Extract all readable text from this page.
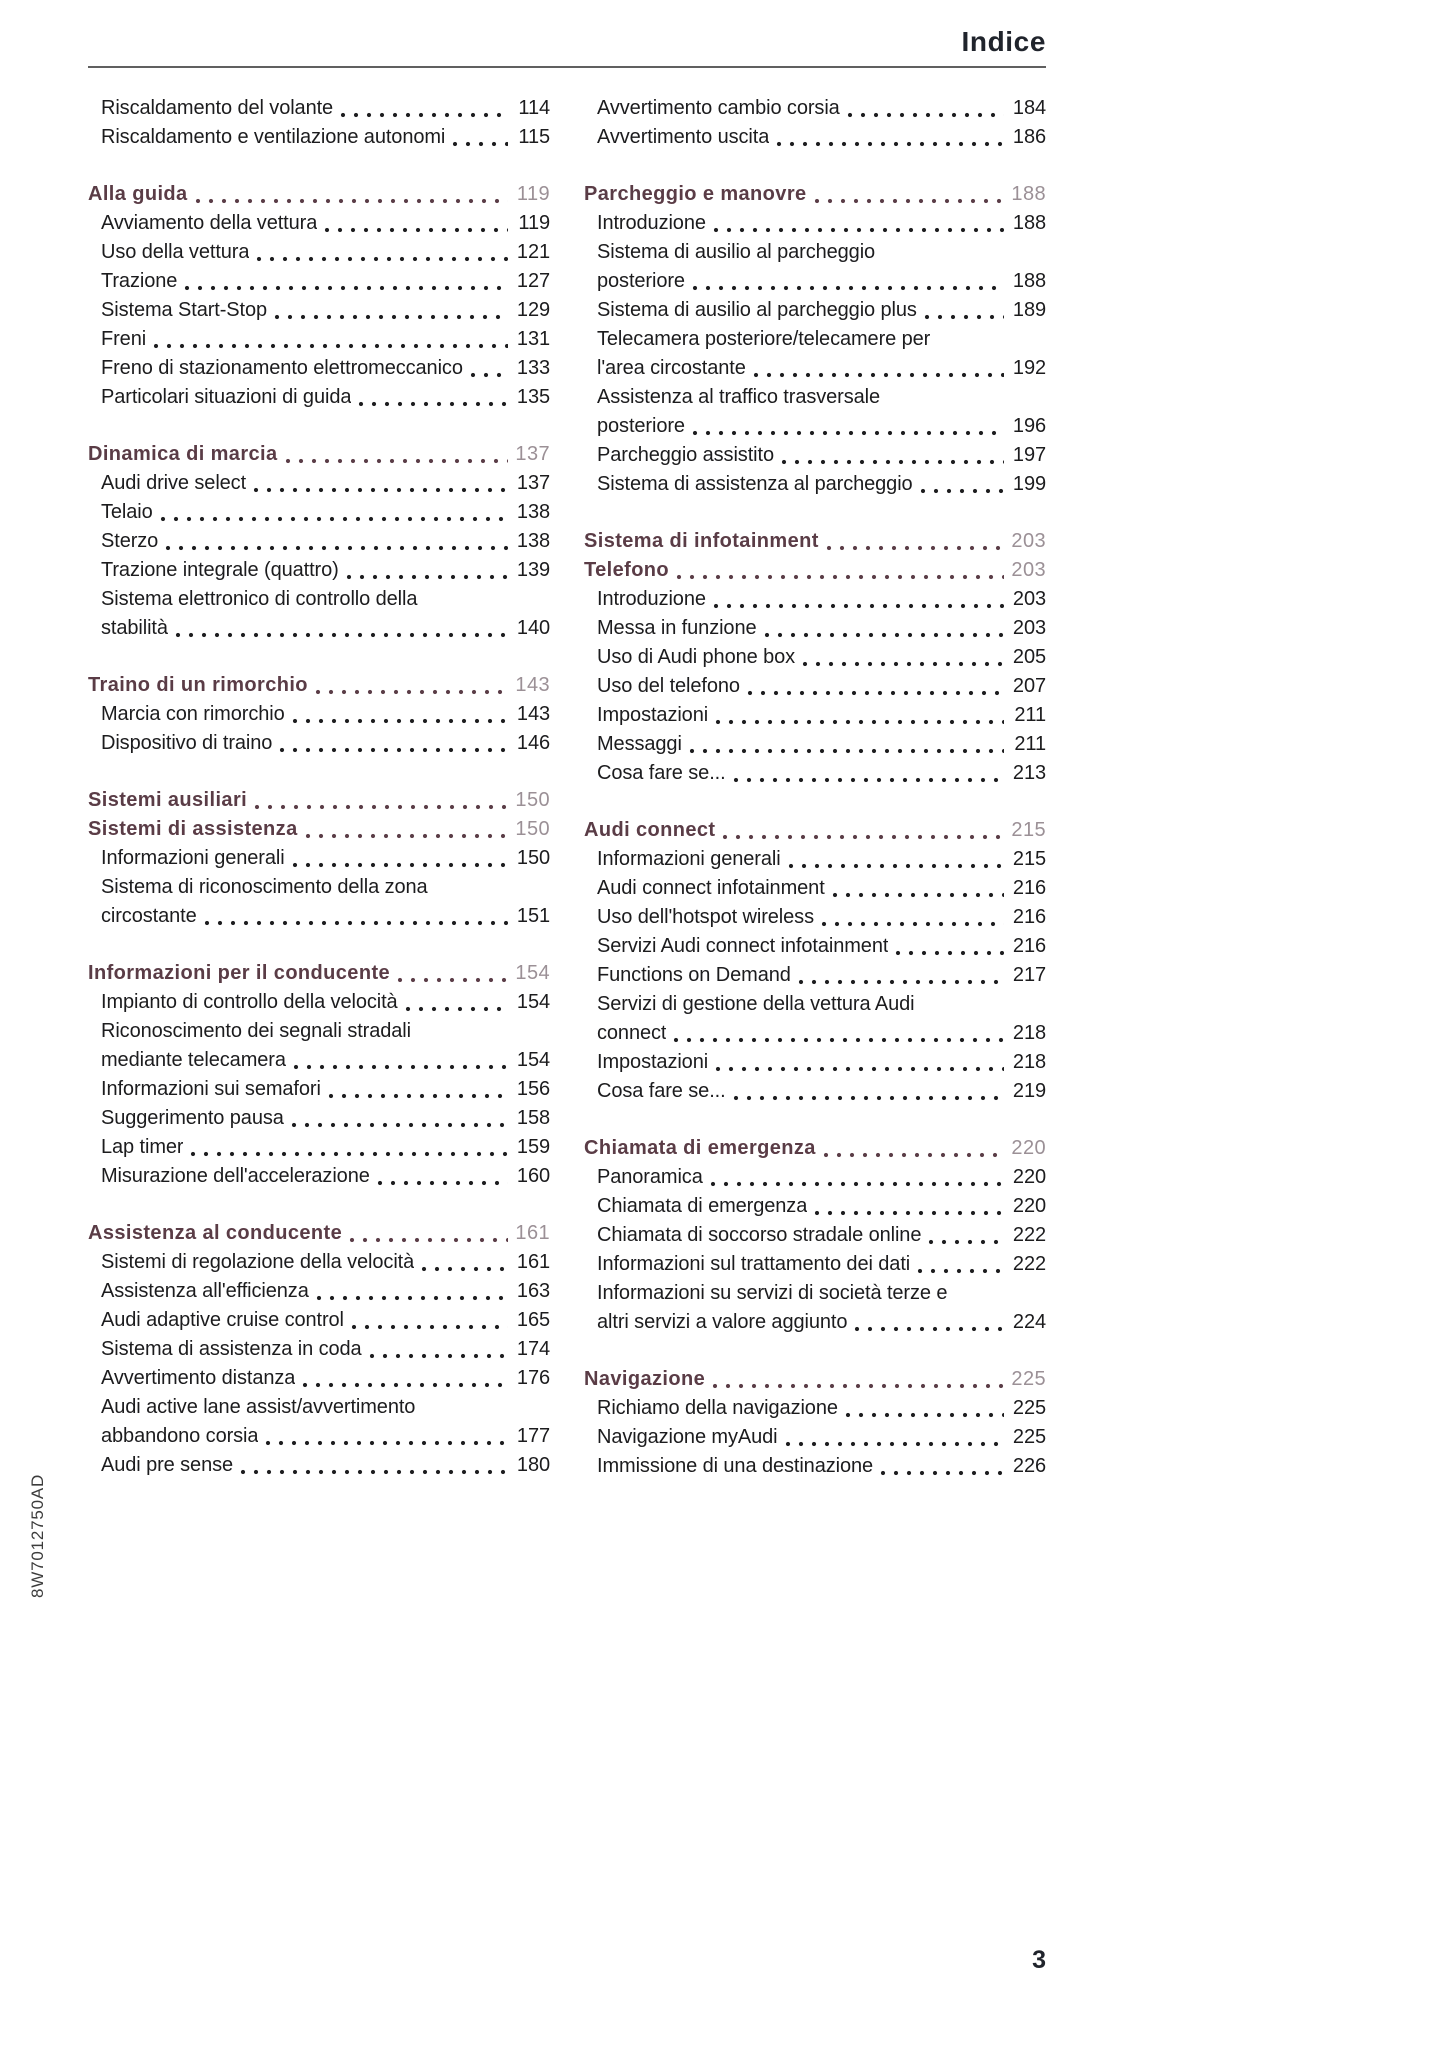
Indice
Riscaldamento del volante	114
Riscaldamento e ventilazione autonomi	115
Alla guida	119
Avviamento della vettura	119
Uso della vettura	121
Trazione	127
Sistema Start-Stop	129
Freni	131
Freno di stazionamento elettromeccanico	133
Particolari situazioni di guida	135
Dinamica di marcia	137
Audi drive select	137
Telaio	138
Sterzo	138
Trazione integrale (quattro)	139
Sistema elettronico di controllo della
stabilità	140
Traino di un rimorchio	143
Marcia con rimorchio	143
Dispositivo di traino	146
Sistemi ausiliari	150
Sistemi di assistenza	150
Informazioni generali	150
Sistema di riconoscimento della zona
circostante	151
Informazioni per il conducente	154
Impianto di controllo della velocità	154
Riconoscimento dei segnali stradali
mediante telecamera	154
Informazioni sui semafori	156
Suggerimento pausa	158
Lap timer	159
Misurazione dell'accelerazione	160
Assistenza al conducente	161
Sistemi di regolazione della velocità	161
Assistenza all'efficienza	163
Audi adaptive cruise control	165
Sistema di assistenza in coda	174
Avvertimento distanza	176
Audi active lane assist/avvertimento
abbandono corsia	177
Audi pre sense	180
Avvertimento cambio corsia	184
Avvertimento uscita	186
Parcheggio e manovre	188
Introduzione	188
Sistema di ausilio al parcheggio
posteriore	188
Sistema di ausilio al parcheggio plus	189
Telecamera posteriore/telecamere per
l'area circostante	192
Assistenza al traffico trasversale
posteriore	196
Parcheggio assistito	197
Sistema di assistenza al parcheggio	199
Sistema di infotainment	203
Telefono	203
Introduzione	203
Messa in funzione	203
Uso di Audi phone box	205
Uso del telefono	207
Impostazioni	211
Messaggi	211
Cosa fare se...	213
Audi connect	215
Informazioni generali	215
Audi connect infotainment	216
Uso dell'hotspot wireless	216
Servizi Audi connect infotainment	216
Functions on Demand	217
Servizi di gestione della vettura Audi
connect	218
Impostazioni	218
Cosa fare se...	219
Chiamata di emergenza	220
Panoramica	220
Chiamata di emergenza	220
Chiamata di soccorso stradale online	222
Informazioni sul trattamento dei dati	222
Informazioni su servizi di società terze e
altri servizi a valore aggiunto	224
Navigazione	225
Richiamo della navigazione	225
Navigazione myAudi	225
Immissione di una destinazione	226
8W7012750AD
3
